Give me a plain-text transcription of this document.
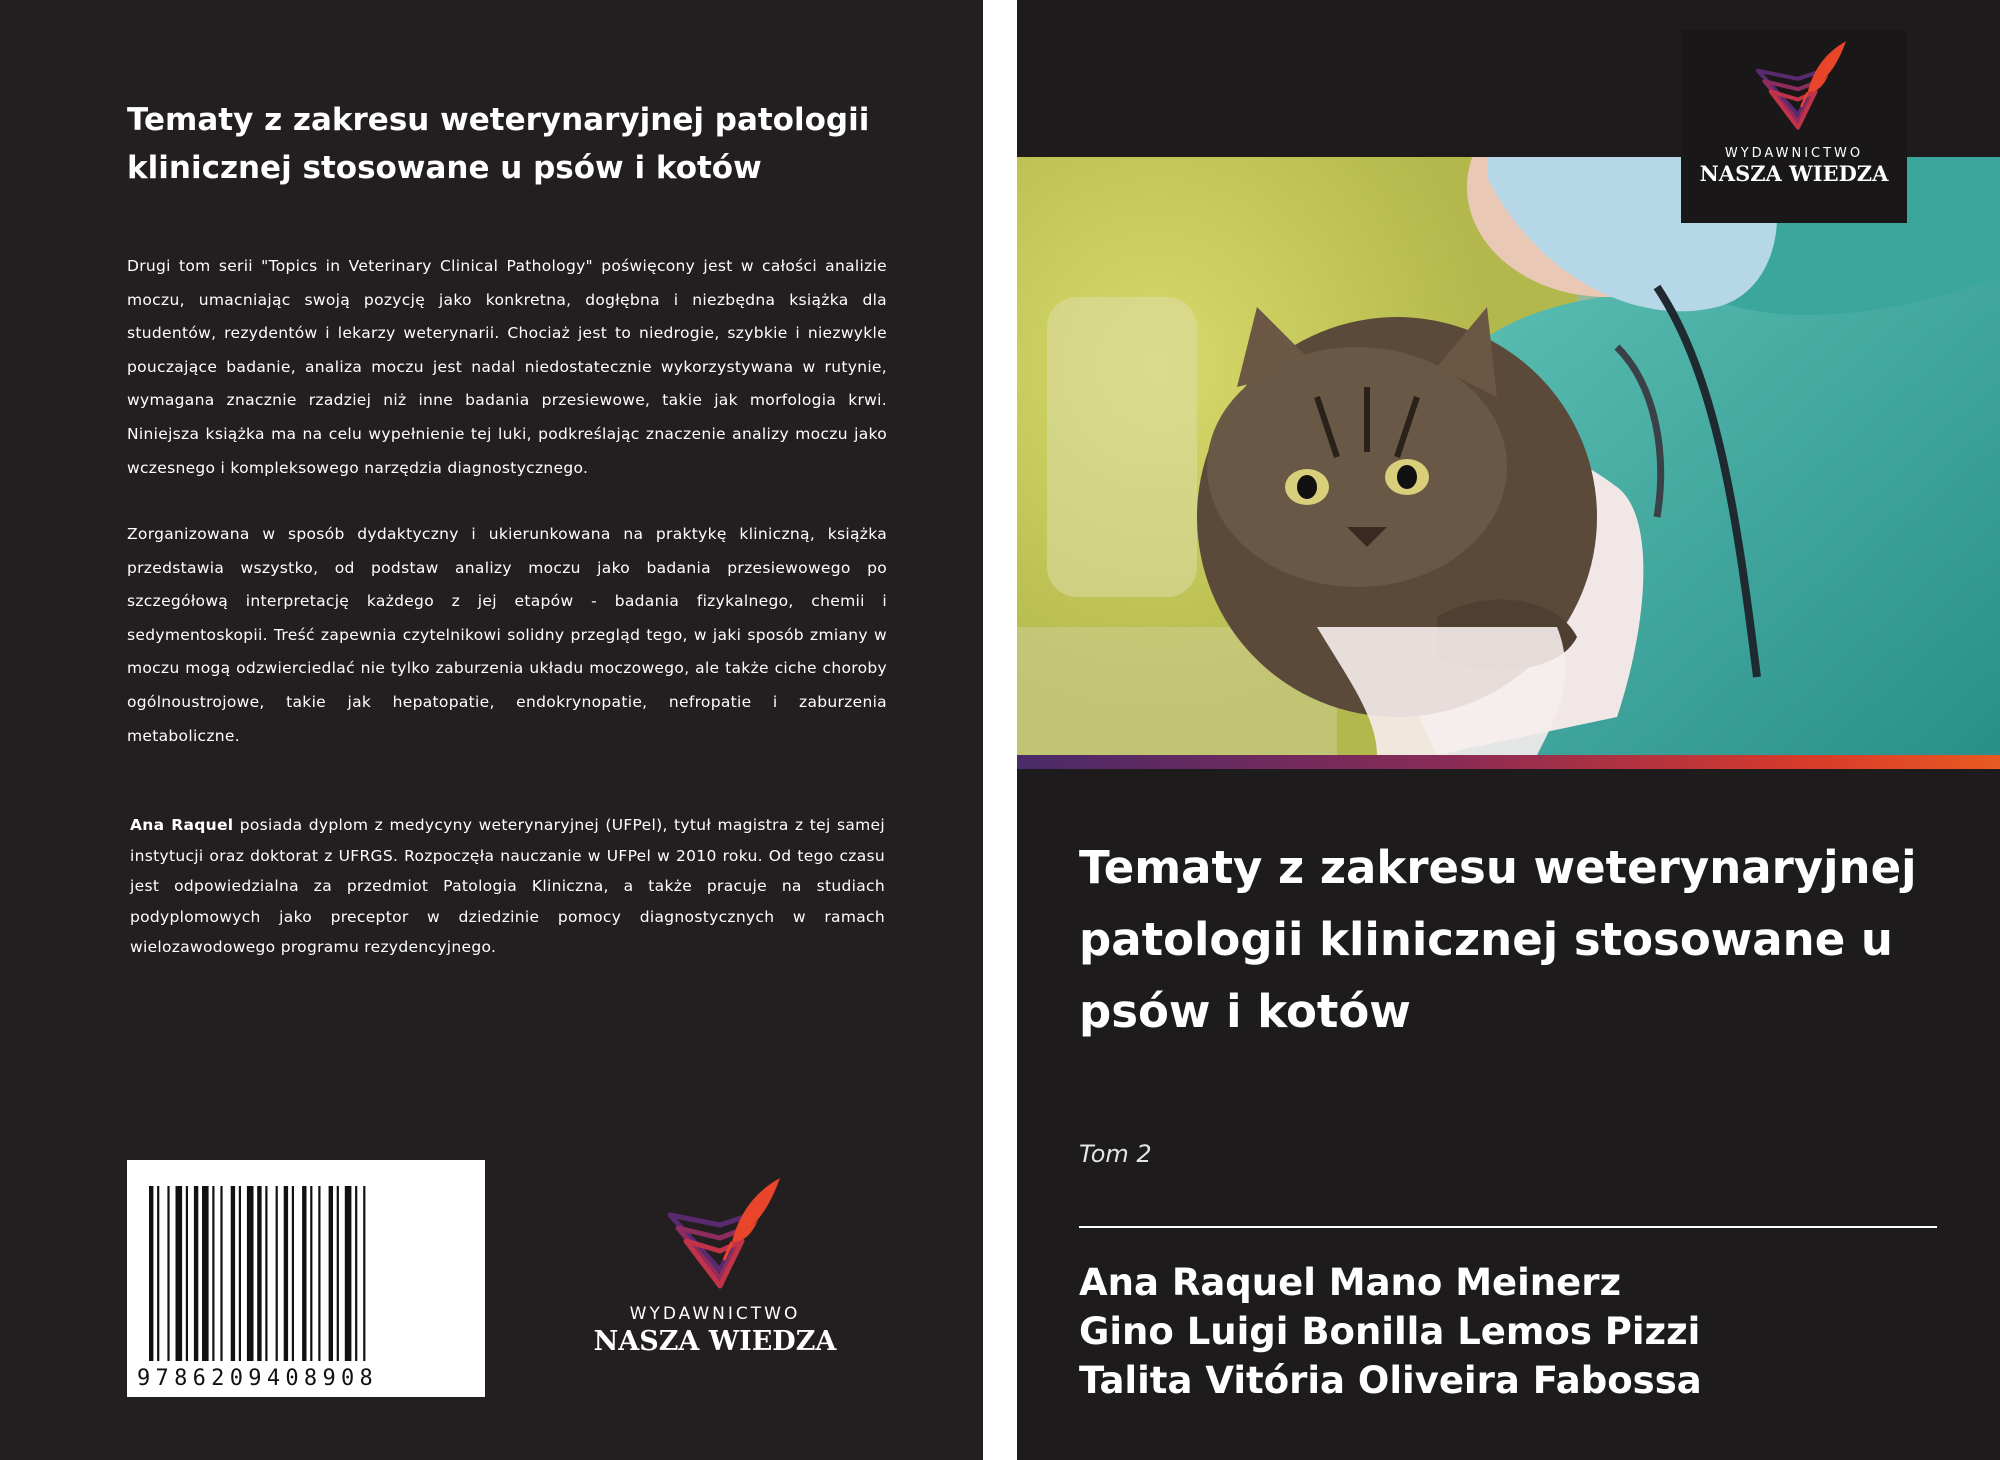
Tematy z zakresu weterynaryjnej patologii klinicznej stosowane u psów i kotów

Drugi tom serii "Topics in Veterinary Clinical Pathology" poświęcony jest w całości analizie moczu, umacniając swoją pozycję jako konkretna, dogłębna i niezbędna książka dla studentów, rezydentów i lekarzy weterynarii. Chociaż jest to niedrogie, szybkie i niezwykle pouczające badanie, analiza moczu jest nadal niedostatecznie wykorzystywana w rutynie, wymagana znacznie rzadziej niż inne badania przesiewowe, takie jak morfologia krwi. Niniejsza książka ma na celu wypełnienie tej luki, podkreślając znaczenie analizy moczu jako wczesnego i kompleksowego narzędzia diagnostycznego.

Zorganizowana w sposób dydaktyczny i ukierunkowana na praktykę kliniczną, książka przedstawia wszystko, od podstaw analizy moczu jako badania przesiewowego po szczegółową interpretację każdego z jej etapów - badania fizykalnego, chemii i sedymentoskopii. Treść zapewnia czytelnikowi solidny przegląd tego, w jaki sposób zmiany w moczu mogą odzwierciedlać nie tylko zaburzenia układu moczowego, ale także ciche choroby ogólnoustrojowe, takie jak hepatopatie, endokrynopatie, nefropatie i zaburzenia metaboliczne.

Ana Raquel posiada dyplom z medycyny weterynaryjnej (UFPel), tytuł magistra z tej samej instytucji oraz doktorat z UFRGS. Rozpoczęła nauczanie w UFPel w 2010 roku. Od tego czasu jest odpowiedzialna za przedmiot Patologia Kliniczna, a także pracuje na studiach podyplomowych jako preceptor w dziedzinie pomocy diagnostycznych w ramach wielozawodowego programu rezydencyjnego.

9786209408908
WYDAWNICTWO
NASZA WIEDZA
WYDAWNICTWO
NASZA WIEDZA
Tematy z zakresu weterynaryjnej patologii klinicznej stosowane u psów i kotów

Tom 2

Ana Raquel Mano Meinerz
Gino Luigi Bonilla Lemos Pizzi
Talita Vitória Oliveira Fabossa
